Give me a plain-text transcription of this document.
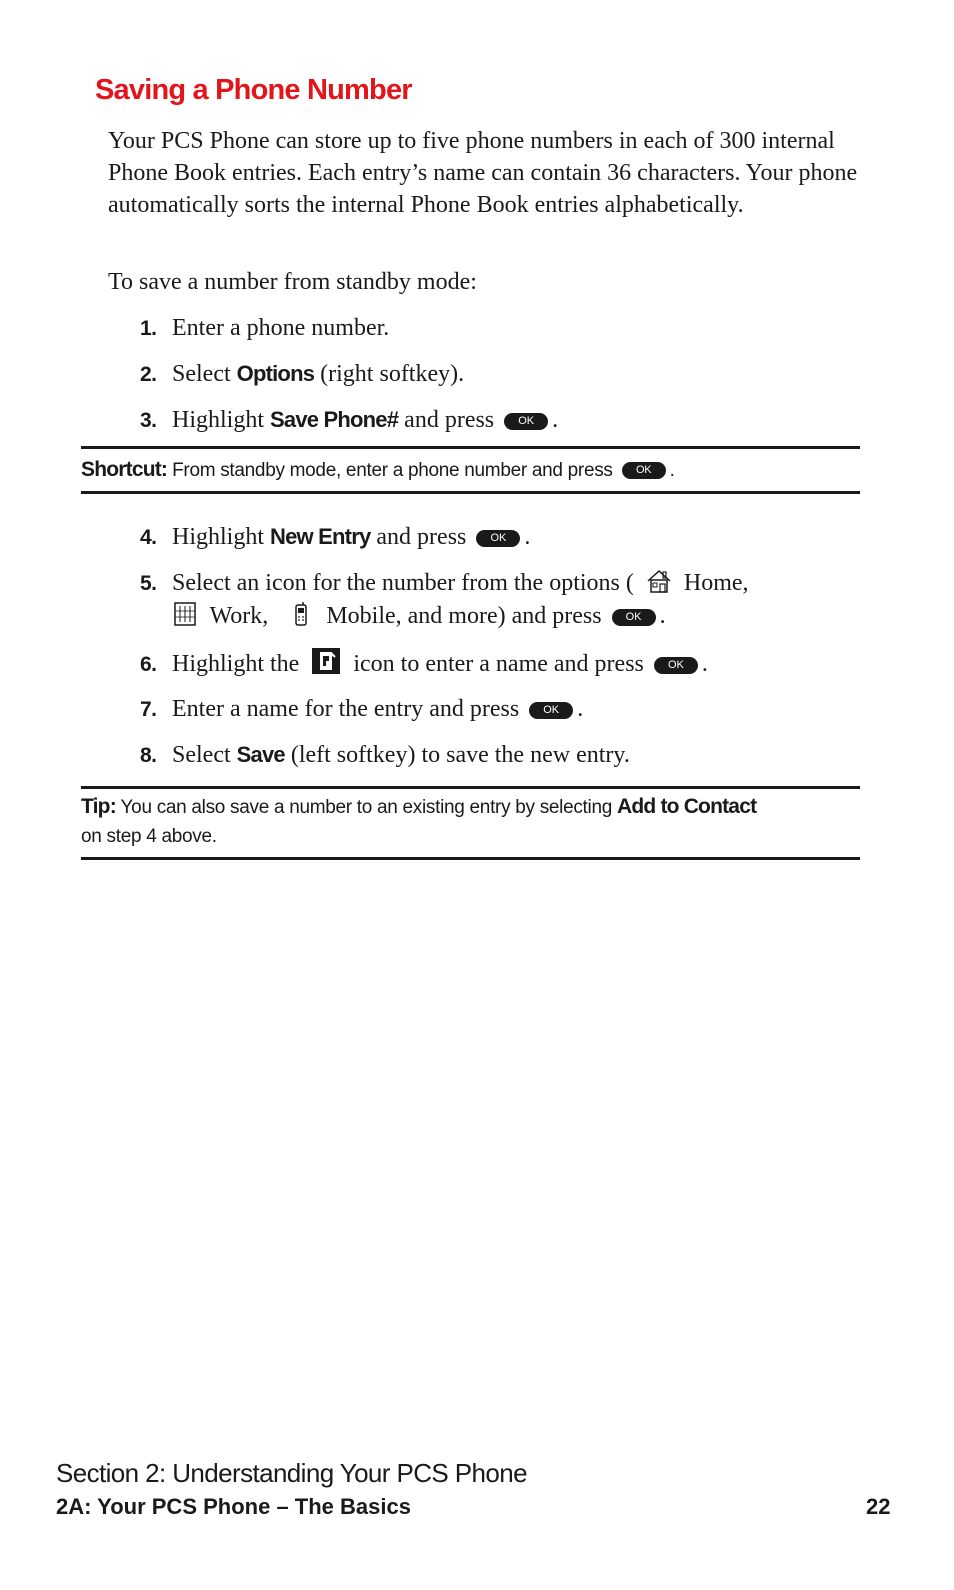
Saving a Phone Number

Your PCS Phone can store up to five phone numbers in each of 300 internal Phone Book entries. Each entry’s name can contain 36 characters. Your phone automatically sorts the internal Phone Book entries alphabetically.

To save a number from standby mode:

1. Enter a phone number.
2. Select Options (right softkey).
3. Highlight Save Phone# and press OK .

Shortcut: From standby mode, enter a phone number and press OK .

4. Highlight New Entry and press OK .
5. Select an icon for the number from the options ( Home,
Work, Mobile, and more) and press OK .
6. Highlight the icon to enter a name and press OK .
7. Enter a name for the entry and press OK .
8. Select Save (left softkey) to save the new entry.

Tip: You can also save a number to an existing entry by selecting Add to Contact
on step 4 above.

Section 2: Understanding Your PCS Phone
2A: Your PCS Phone – The Basics	22
